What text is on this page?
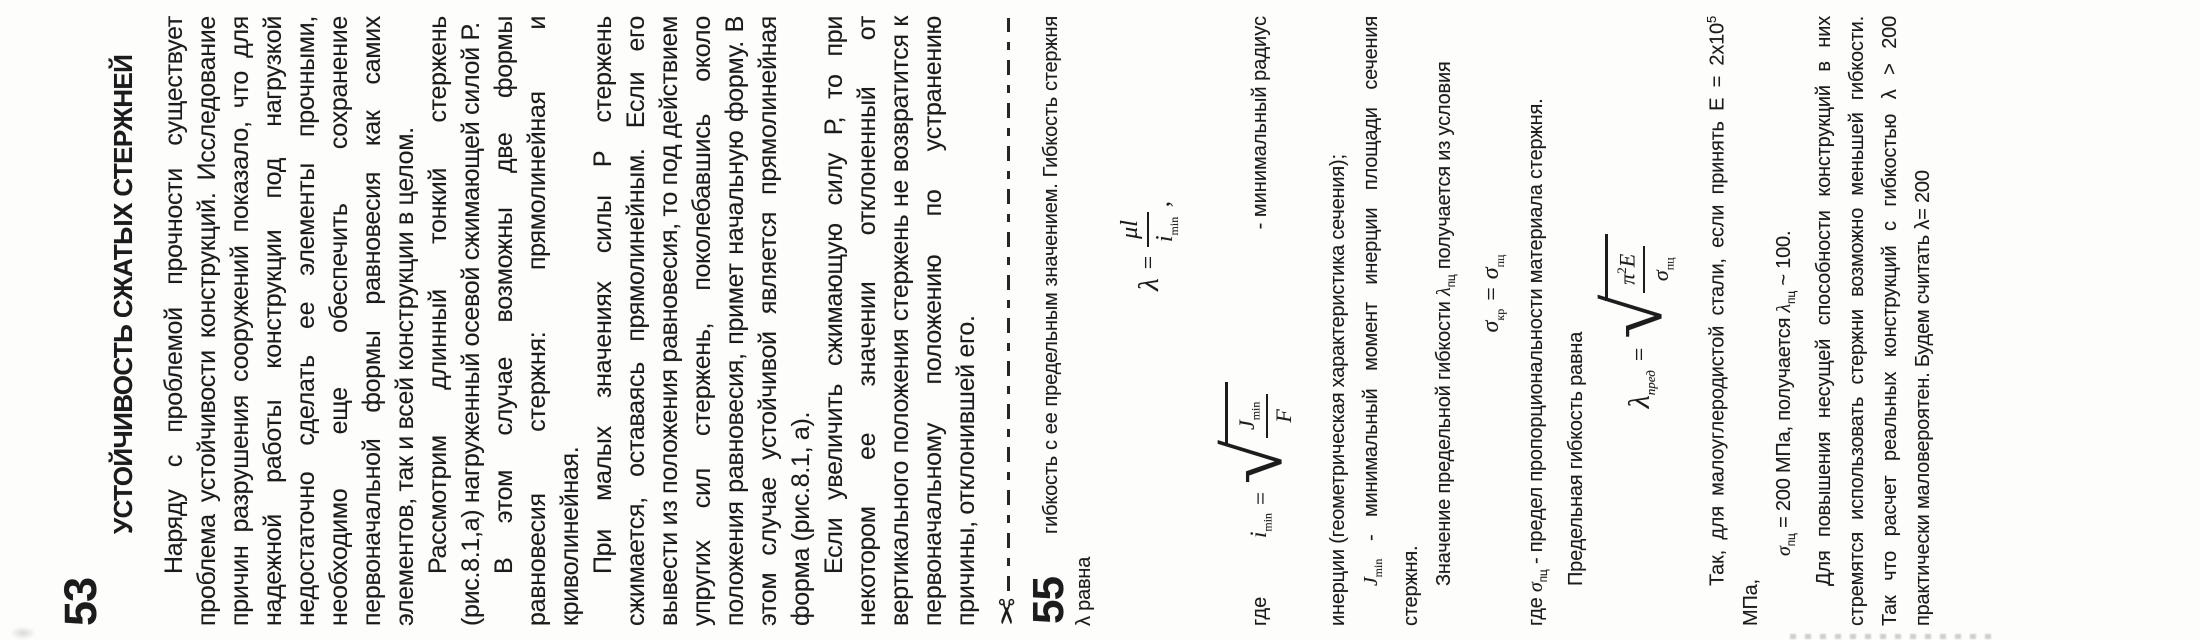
53
УСТОЙЧИВОСТЬ СЖАТЫХ СТЕРЖНЕЙ Наряду с проблемой прочности существует проблема устойчивости конструкций. Исследование причин разрушения сооружений показало, что для надежной работы конструкции под нагрузкой недостаточно сделать ее элементы прочными, необходимо еще обеспечить сохранение первоначальной формы равновесия как самих элементов, так и всей конструкции в целом. Рассмотрим длинный тонкий стержень (рис.8.1,а) нагруженный осевой сжимающей силой Р. В этом случае возможны две формы равновесия стержня: прямолинейная и криволинейная. При малых значениях силы Р стержень сжимается, оставаясь прямолинейным. Если его вывести из положения равновесия, то под действием упругих сил стержень, поколебавшись около положения равновесия, примет начальную форму. В этом случае устойчивой является прямолинейная форма (рис.8.1, а). Если увеличить сжимающую силу Р, то при некотором ее значении отклоненный от вертикального положения стержень не возвратится к первоначальному положению по устранению причины, отклонившей его. ✂
55

гибкость с ее предельным значением. Гибкость стержня λ равна

λ
=
μl $i_{min}$
,
где
$i_{min}$
=
√
$J_{min}$ F
- минимальный радиус

инерции (геометрическая характеристика сечения); $J_{min}$ - минимальный момент инерции площади сечения стержня. Значение предельной гибкости $\lambda_{пц}$ получается из условия

$\sigma_{кр}$
=
$\sigma_{пц}$

где $\sigma_{пц}$ - предел пропорциональности материала стержня. Предельная гибкость равна $\lambda_{пред}$
=
√
$\pi^2E$
$\sigma_{пц}$	Так, для малоуглеродистой стали, если принять $E = 2x10^5$ МПа,

$\sigma_{пц} = 200$ МПа, получается $\lambda_{пц}$ ~ 100. Для повышения несущей способности конструкций в них стремятся использовать стержни возможно меньшей гибкости. Так что расчет реальных конструкций с гибкостью λ > 200 практически маловероятен. Будем считать λ= 200
